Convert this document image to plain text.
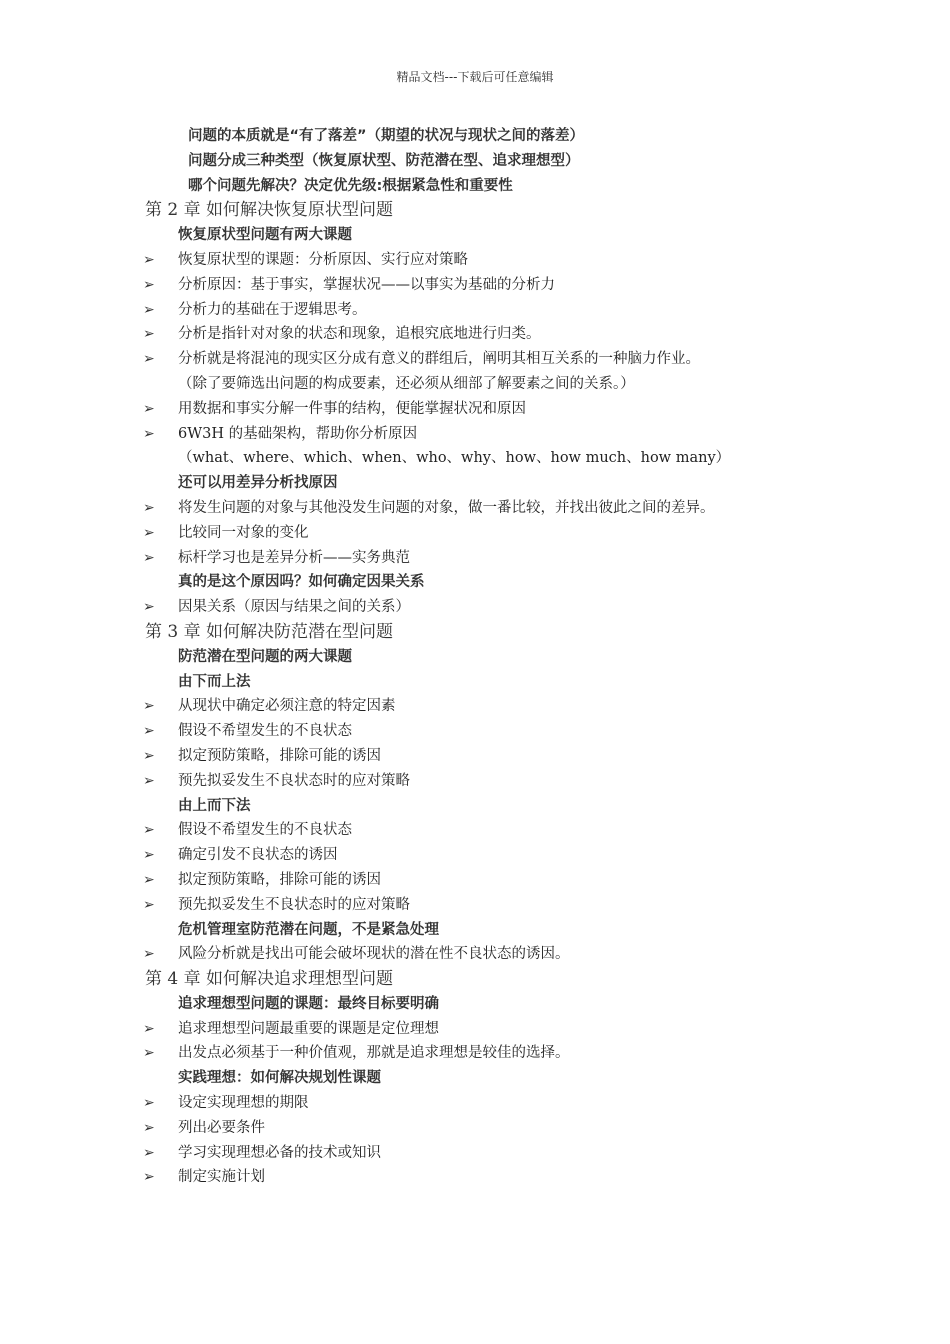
精品文档---下载后可任意编辑
问题的本质就是“有了落差”（期望的状况与现状之间的落差）
问题分成三种类型（恢复原状型、防范潜在型、追求理想型）
哪个问题先解决？决定优先级:根据紧急性和重要性
第 2 章 如何解决恢复原状型问题
恢复原状型问题有两大课题
➢ 恢复原状型的课题：分析原因、实行应对策略
➢ 分析原因：基于事实，掌握状况——以事实为基础的分析力
➢ 分析力的基础在于逻辑思考。
➢ 分析是指针对对象的状态和现象，追根究底地进行归类。
➢ 分析就是将混沌的现实区分成有意义的群组后，阐明其相互关系的一种脑力作业。
（除了要筛选出问题的构成要素，还必须从细部了解要素之间的关系。）
➢ 用数据和事实分解一件事的结构，便能掌握状况和原因
➢ 6W3H 的基础架构，帮助你分析原因
（what、where、which、when、who、why、how、how much、how many）
还可以用差异分析找原因
➢ 将发生问题的对象与其他没发生问题的对象，做一番比较，并找出彼此之间的差异。
➢ 比较同一对象的变化
➢ 标杆学习也是差异分析——实务典范
真的是这个原因吗？如何确定因果关系
➢ 因果关系（原因与结果之间的关系）
第 3 章 如何解决防范潜在型问题
防范潜在型问题的两大课题
由下而上法
➢ 从现状中确定必须注意的特定因素
➢ 假设不希望发生的不良状态
➢ 拟定预防策略，排除可能的诱因
➢ 预先拟妥发生不良状态时的应对策略
由上而下法
➢ 假设不希望发生的不良状态
➢ 确定引发不良状态的诱因
➢ 拟定预防策略，排除可能的诱因
➢ 预先拟妥发生不良状态时的应对策略
危机管理室防范潜在问题，不是紧急处理
➢ 风险分析就是找出可能会破坏现状的潜在性不良状态的诱因。
第 4 章 如何解决追求理想型问题
追求理想型问题的课题：最终目标要明确
➢ 追求理想型问题最重要的课题是定位理想
➢ 出发点必须基于一种价值观，那就是追求理想是较佳的选择。
实践理想：如何解决规划性课题
➢ 设定实现理想的期限
➢ 列出必要条件
➢ 学习实现理想必备的技术或知识
➢ 制定实施计划
